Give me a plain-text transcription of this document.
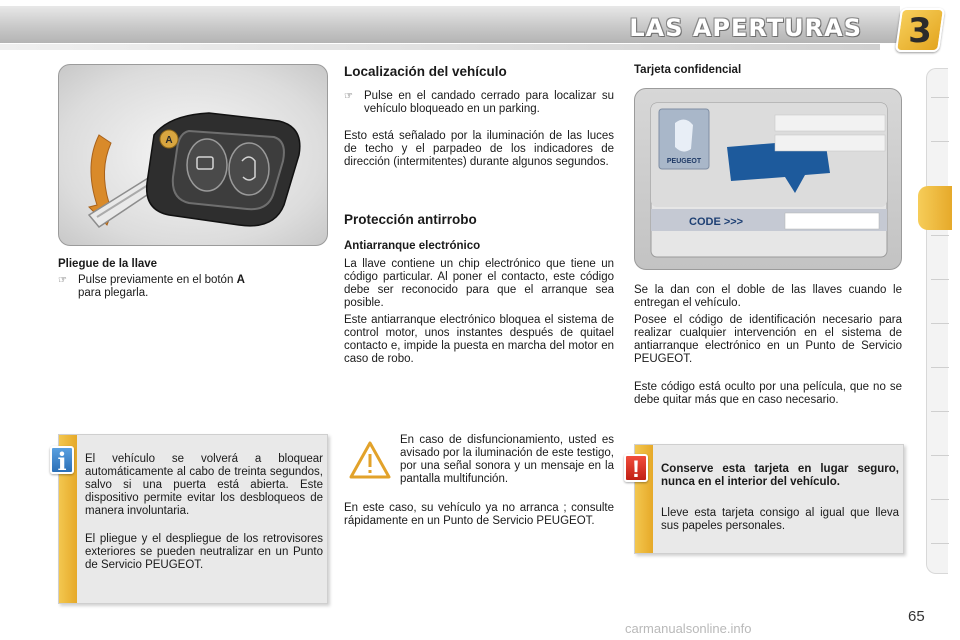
LAS APERTURAS 3
A
Pliegue de la llave
☞ Pulse previamente en el botón A
para plegarla.
El vehículo se volverá a bloquear automáticamente al cabo de treinta segundos, salvo si una puerta está abierta. Este dispositivo permite evitar los desbloqueos de manera involuntaria.
El pliegue y el despliegue de los retrovisores exteriores se pueden neutralizar en un Punto de Servicio PEUGEOT.
i
Localización del vehículo
☞ Pulse en el candado cerrado para localizar su vehículo bloqueado en un parking.
Esto está señalado por la iluminación de las luces de techo y el parpadeo de los indicadores de dirección (intermitentes) durante algunos segundos.
Protección antirrobo
Antiarranque electrónico
La llave contiene un chip electrónico que tiene un código particular. Al poner el contacto, este código debe ser reconocido para que el arranque sea posible.
Este antiarranque electrónico bloquea el sistema de control motor, unos instantes después de quitael contacto e, impide la puesta en marcha del motor en caso de robo.
En caso de disfuncionamiento, usted es avisado por la iluminación de este testigo, por una señal sonora y un mensaje en la pantalla multifunción.
En este caso, su vehículo ya no arranca ; consulte rápidamente en un Punto de Servicio PEUGEOT.
Tarjeta confidencial
PEUGEOT
CODE >>>
Se la dan con el doble de las llaves cuando le entregan el vehículo.
Posee el código de identificación necesario para realizar cualquier intervención en el sistema de antiarranque electrónico en un Punto de Servicio PEUGEOT.
Este código está oculto por una película, que no se debe quitar más que en caso necesario.
Conserve esta tarjeta en lugar seguro, nunca en el interior del vehículo.
Lleve esta tarjeta consigo al igual que lleva sus papeles personales.
!
65
carmanualsonline.info
